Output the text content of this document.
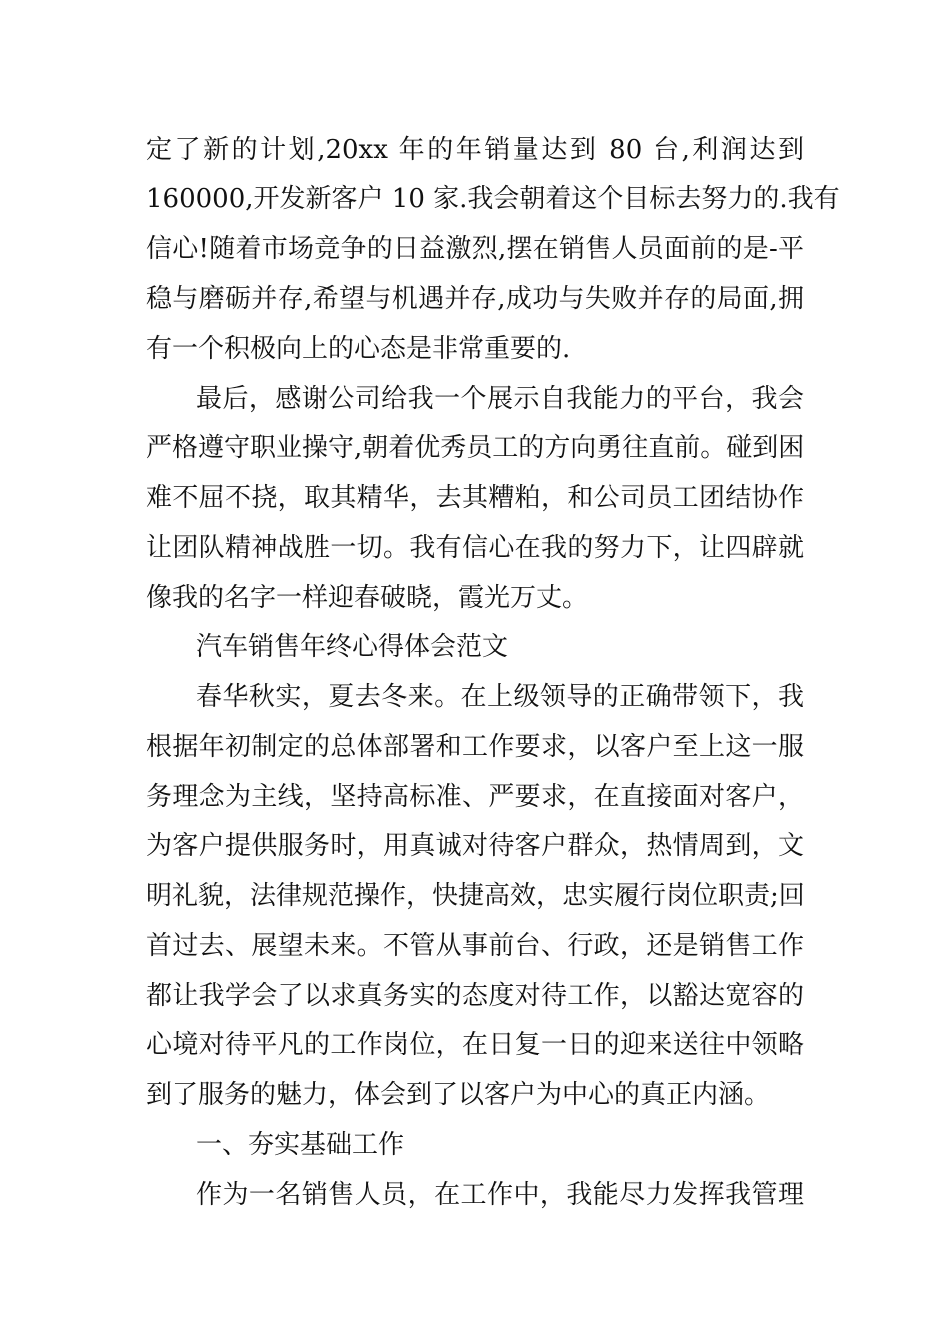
定了新的计划,20xx 年的年销量达到 80 台,利润达到
160000,开发新客户 10 家.我会朝着这个目标去努力的.我有
信心!随着市场竞争的日益激烈,摆在销售人员面前的是-平
稳与磨砺并存,希望与机遇并存,成功与失败并存的局面,拥
有一个积极向上的心态是非常重要的.
最后，感谢公司给我一个展示自我能力的平台，我会
严格遵守职业操守,朝着优秀员工的方向勇往直前。碰到困
难不屈不挠，取其精华，去其糟粕，和公司员工团结协作
让团队精神战胜一切。我有信心在我的努力下，让四辟就
像我的名字一样迎春破晓，霞光万丈。
汽车销售年终心得体会范文
春华秋实，夏去冬来。在上级领导的正确带领下，我
根据年初制定的总体部署和工作要求，以客户至上这一服
务理念为主线，坚持高标准、严要求，在直接面对客户，
为客户提供服务时，用真诚对待客户群众，热情周到，文
明礼貌，法律规范操作，快捷高效，忠实履行岗位职责;回
首过去、展望未来。不管从事前台、行政，还是销售工作
都让我学会了以求真务实的态度对待工作，以豁达宽容的
心境对待平凡的工作岗位，在日复一日的迎来送往中领略
到了服务的魅力，体会到了以客户为中心的真正内涵。
一、夯实基础工作
作为一名销售人员，在工作中，我能尽力发挥我管理
